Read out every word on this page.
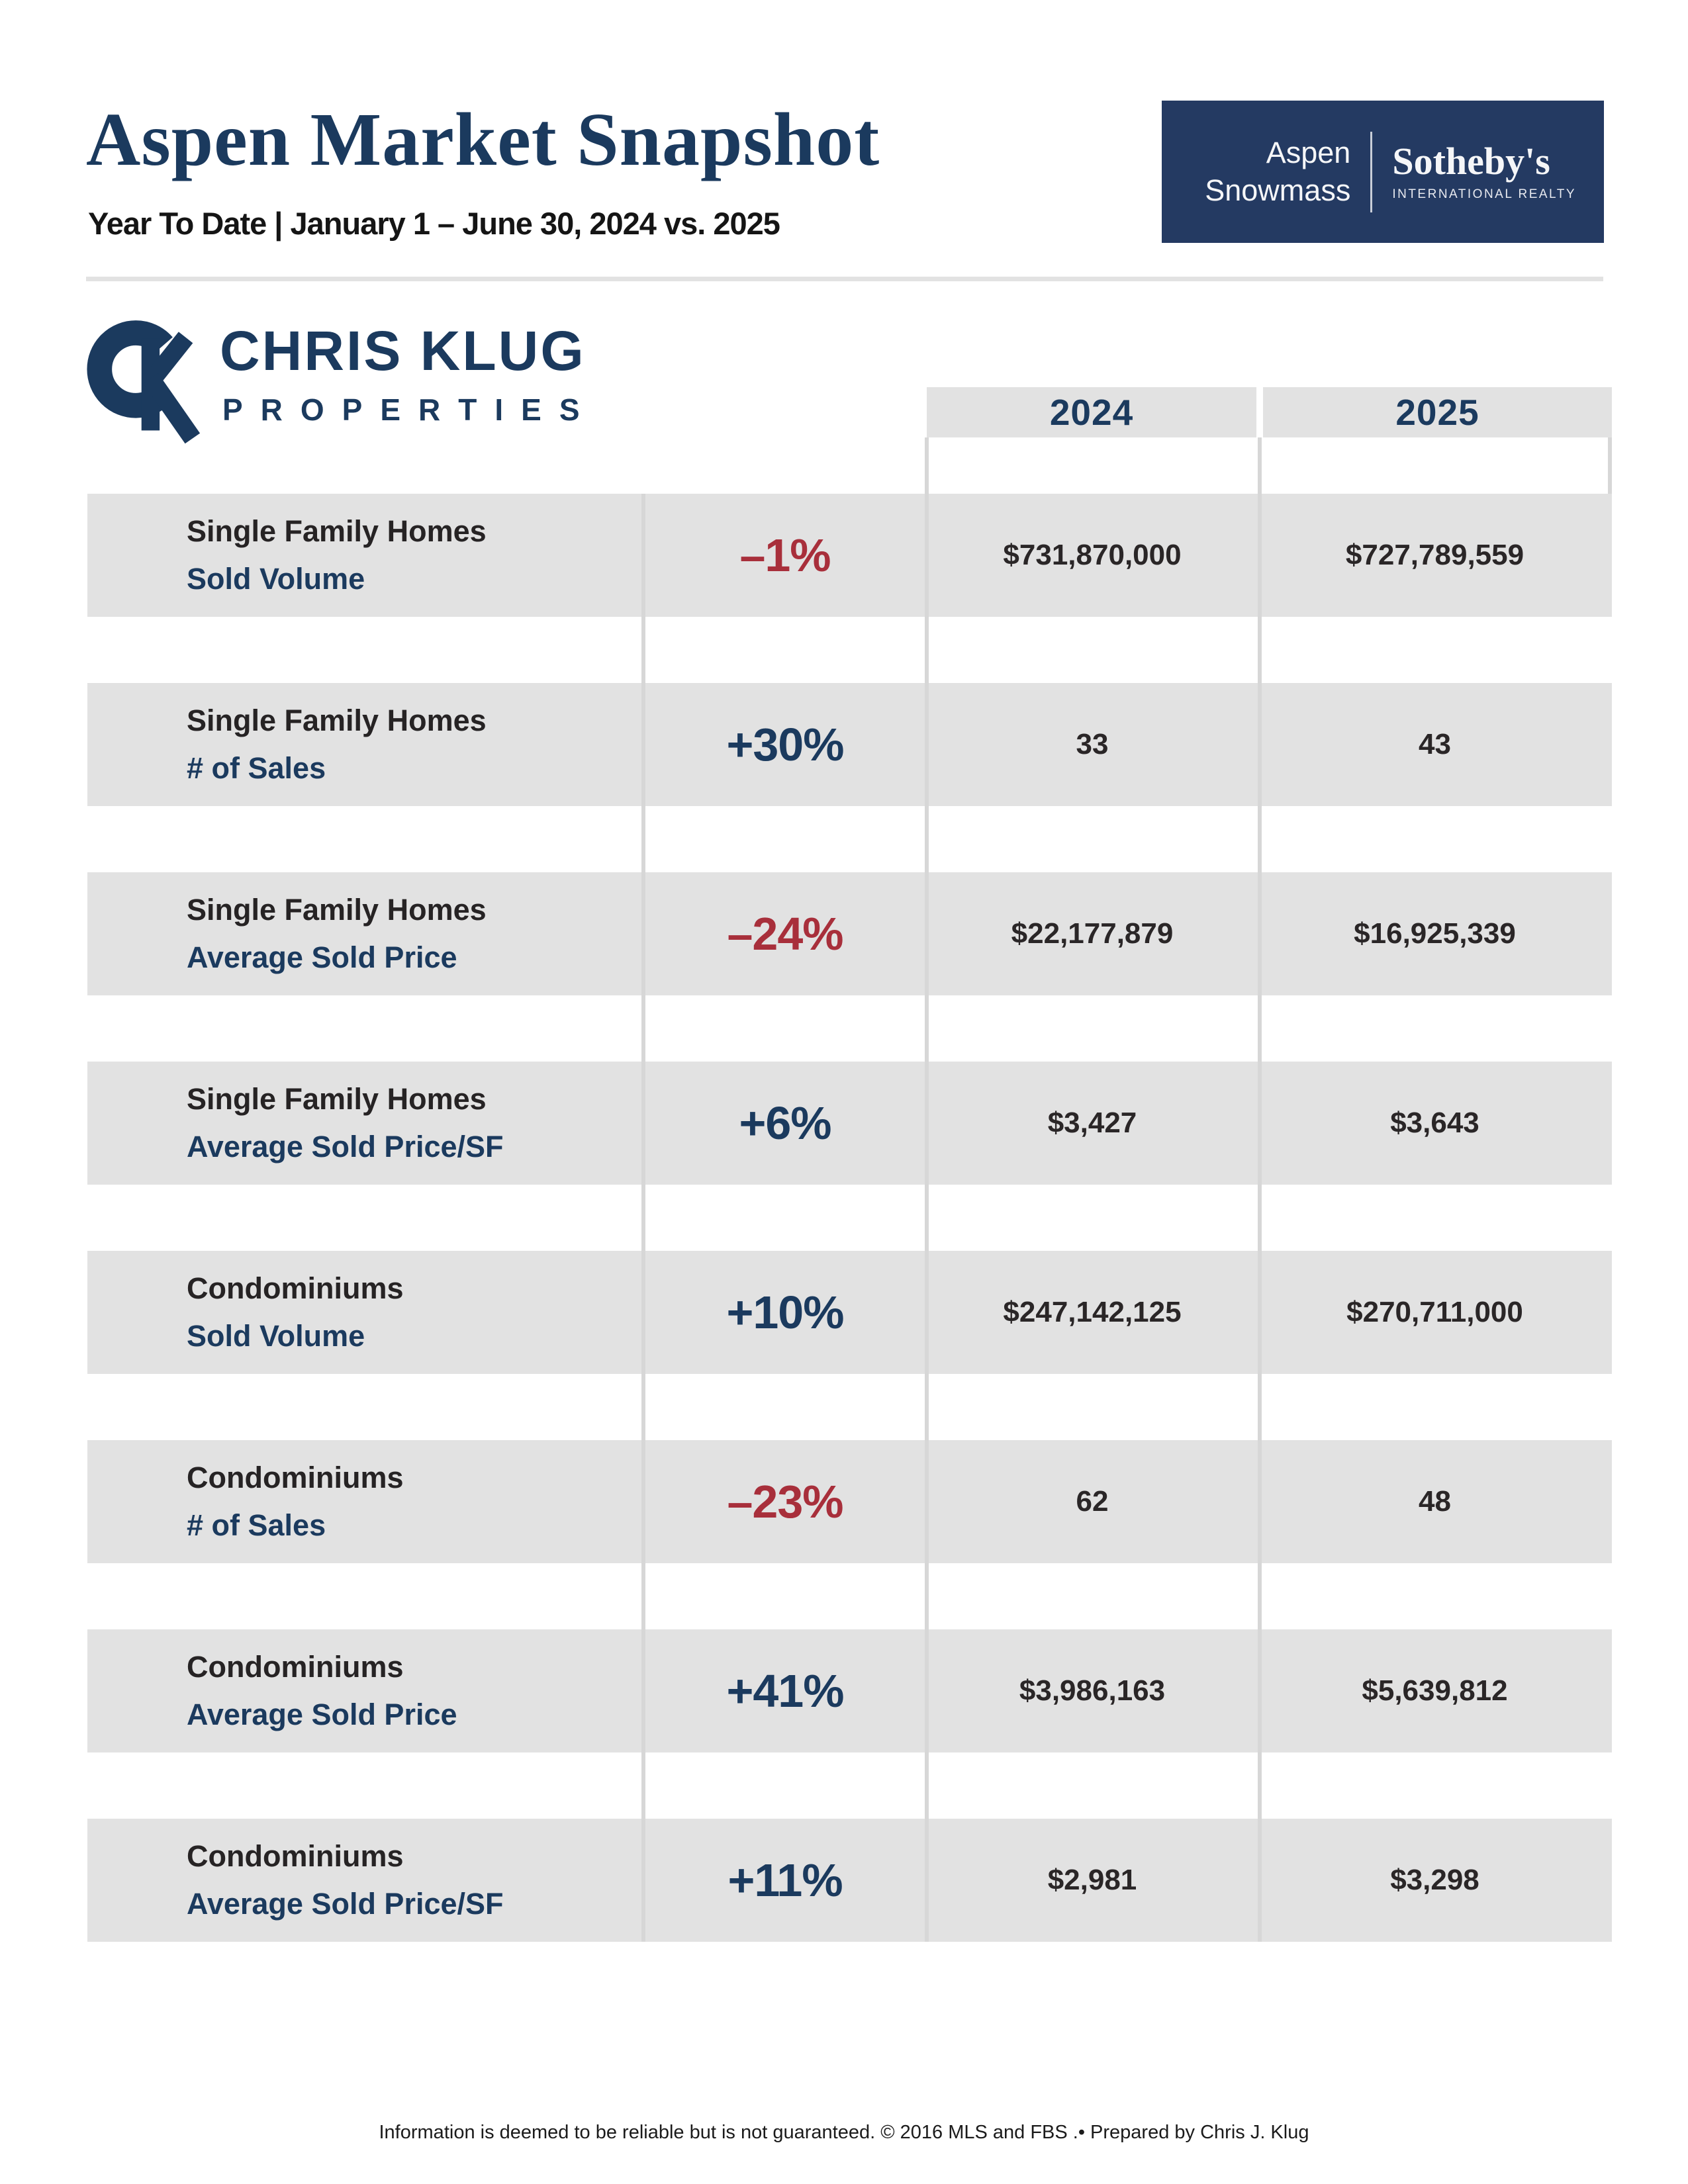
Aspen Market Snapshot
Year To Date | January 1 – June 30, 2024 vs. 2025
Aspen
Snowmass
Sotheby's
INTERNATIONAL REALTY
CHRIS KLUG
PROPERTIES	2024	2025
Single Family Homes
Sold Volume	–1%	$731,870,000	$727,789,559
Single Family Homes
# of Sales	+30%	33	43
Single Family Homes
Average Sold Price	–24%	$22,177,879	$16,925,339
Single Family Homes
Average Sold Price/SF	+6%	$3,427	$3,643
Condominiums
Sold Volume	+10%	$247,142,125	$270,711,000
Condominiums
# of Sales	–23%	62	48
Condominiums
Average Sold Price	+41%	$3,986,163	$5,639,812
Condominiums
Average Sold Price/SF	+11%	$2,981	$3,298
Information is deemed to be reliable but is not guaranteed. © 2016 MLS and FBS .• Prepared by Chris J. Klug
